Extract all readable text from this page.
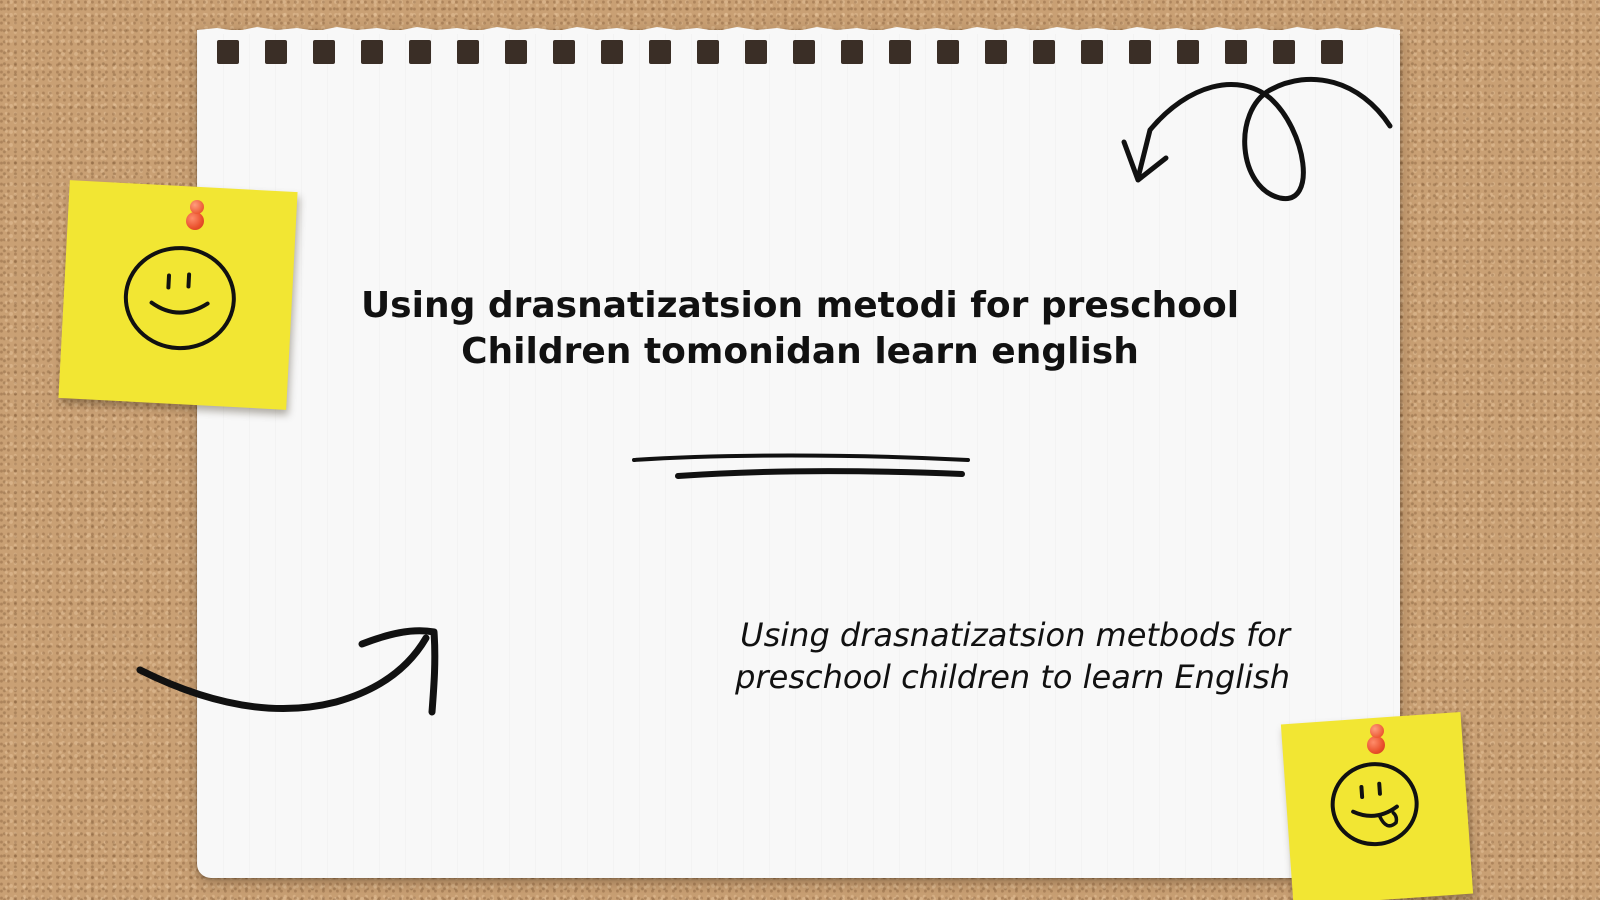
Using drasnatizatsion metodi for preschool
Children tomonidan learn english

Using drasnatizatsion metbods for
preschool children to learn English
